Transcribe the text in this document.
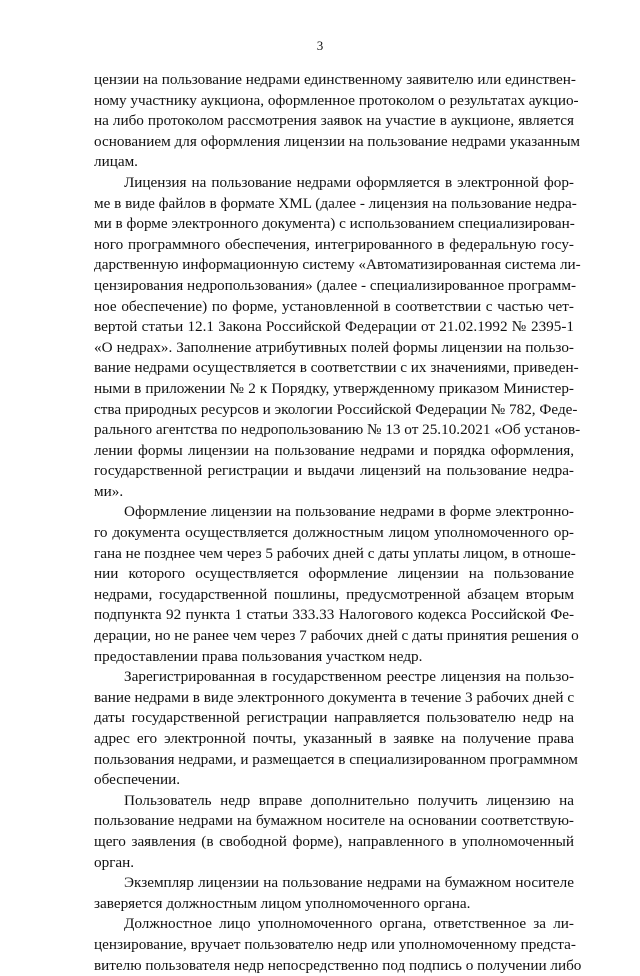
3
цензии на пользование недрами единственному заявителю или единствен-
ному участнику аукциона, оформленное протоколом о результатах аукцио-
на либо протоколом рассмотрения заявок на участие в аукционе, является
основанием для оформления лицензии на пользование недрами указанным
лицам.
Лицензия на пользование недрами оформляется в электронной фор-
ме в виде файлов в формате XML (далее - лицензия на пользование недра-
ми в форме электронного документа) с использованием специализирован-
ного программного обеспечения, интегрированного в федеральную госу-
дарственную информационную систему «Автоматизированная система ли-
цензирования недропользования» (далее - специализированное программ-
ное обеспечение) по форме, установленной в соответствии с частью чет-
вертой статьи 12.1 Закона Российской Федерации от 21.02.1992 № 2395-1
«О недрах». Заполнение атрибутивных полей формы лицензии на пользо-
вание недрами осуществляется в соответствии с их значениями, приведен-
ными в приложении № 2 к Порядку, утвержденному приказом Министер-
ства природных ресурсов и экологии Российской Федерации № 782, Феде-
рального агентства по недропользованию № 13 от 25.10.2021 «Об установ-
лении формы лицензии на пользование недрами и порядка оформления,
государственной регистрации и выдачи лицензий на пользование недра-
ми».
Оформление лицензии на пользование недрами в форме электронно-
го документа осуществляется должностным лицом уполномоченного ор-
гана не позднее чем через 5 рабочих дней с даты уплаты лицом, в отноше-
нии которого осуществляется оформление лицензии на пользование
недрами, государственной пошлины, предусмотренной абзацем вторым
подпункта 92 пункта 1 статьи 333.33 Налогового кодекса Российской Фе-
дерации, но не ранее чем через 7 рабочих дней с даты принятия решения о
предоставлении права пользования участком недр.
Зарегистрированная в государственном реестре лицензия на пользо-
вание недрами в виде электронного документа в течение 3 рабочих дней с
даты государственной регистрации направляется пользователю недр на
адрес его электронной почты, указанный в заявке на получение права
пользования недрами, и размещается в специализированном программном
обеспечении.
Пользователь недр вправе дополнительно получить лицензию на
пользование недрами на бумажном носителе на основании соответствую-
щего заявления (в свободной форме), направленного в уполномоченный
орган.
Экземпляр лицензии на пользование недрами на бумажном носителе
заверяется должностным лицом уполномоченного органа.
Должностное лицо уполномоченного органа, ответственное за ли-
цензирование, вручает пользователю недр или уполномоченному предста-
вителю пользователя недр непосредственно под подпись о получении либо
